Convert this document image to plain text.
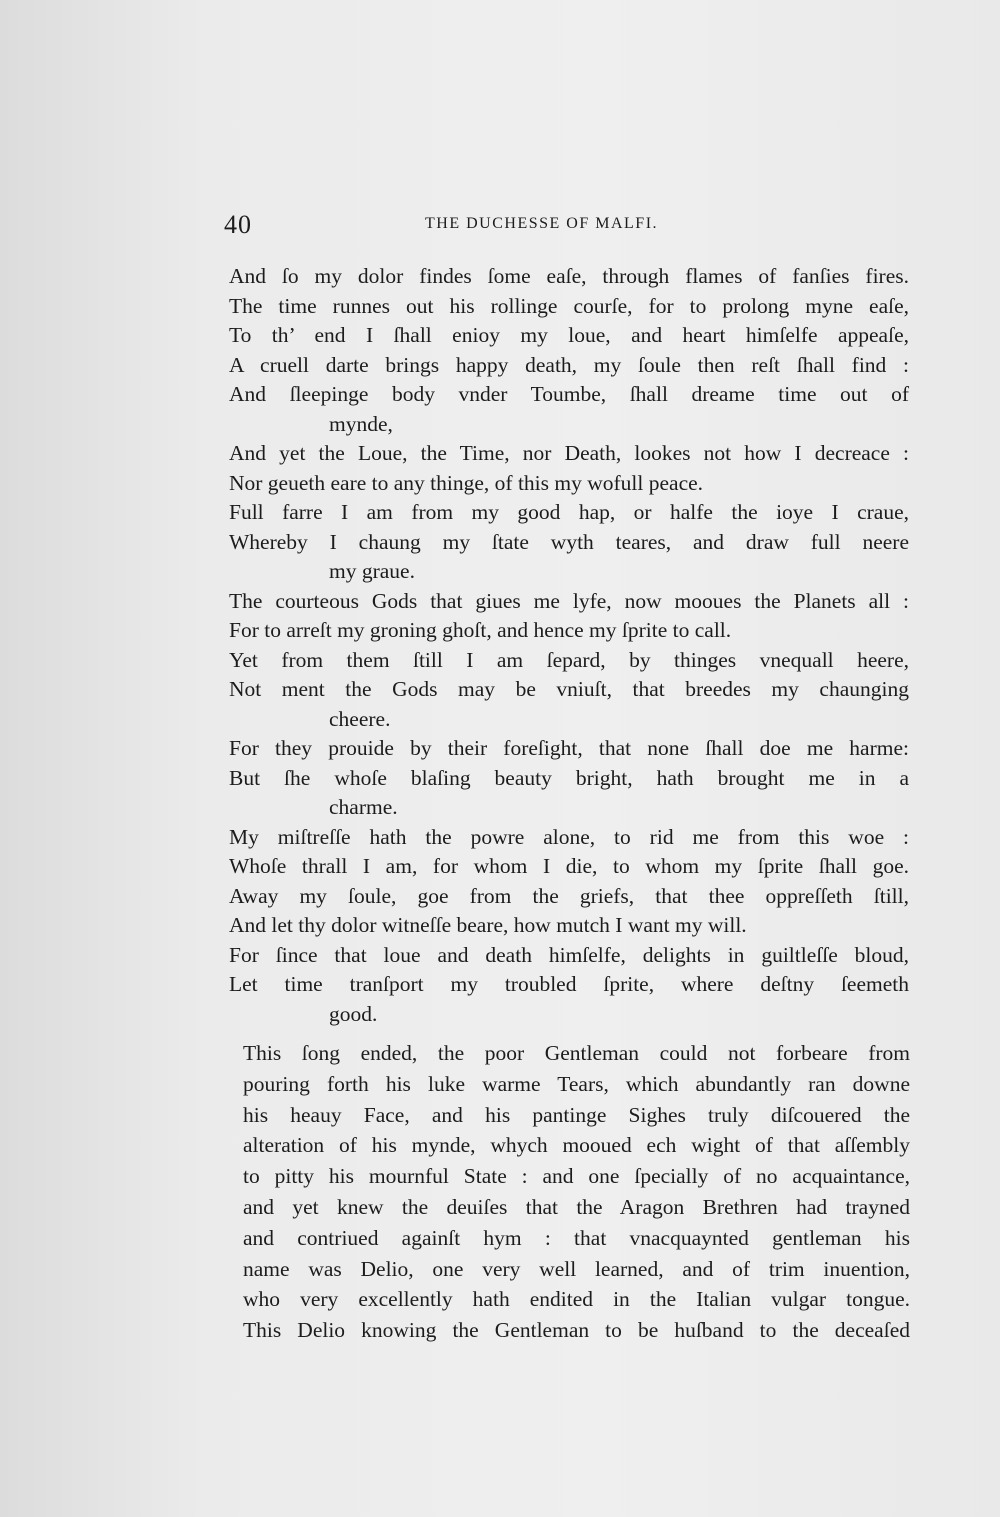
40	THE DUCHESSE OF MALFI.
And ſo my dolor findes ſome eaſe, through flames of fanſies fires.
The time runnes out his rollinge courſe, for to prolong myne eaſe,
To th’ end I ſhall enioy my loue, and heart himſelfe appeaſe,
A cruell darte brings happy death, my ſoule then reſt ſhall find :
And ſleepinge body vnder Toumbe, ſhall dreame time out of
mynde,
And yet the Loue, the Time, nor Death, lookes not how I decreace :
Nor geueth eare to any thinge, of this my wofull peace.
Full farre I am from my good hap, or halfe the ioye I craue,
Whereby I chaung my ſtate wyth teares, and draw full neere
my graue.
The courteous Gods that giues me lyfe, now mooues the Planets all :
For to arreſt my groning ghoſt, and hence my ſprite to call.
Yet from them ſtill I am ſepard, by thinges vnequall heere,
Not ment the Gods may be vniuſt, that breedes my chaunging
cheere.
For they prouide by their foreſight, that none ſhall doe me harme:
But ſhe whoſe blaſing beauty bright, hath brought me in a
charme.
My miſtreſſe hath the powre alone, to rid me from this woe :
Whoſe thrall I am, for whom I die, to whom my ſprite ſhall goe.
Away my ſoule, goe from the griefs, that thee oppreſſeth ſtill,
And let thy dolor witneſſe beare, how mutch I want my will.
For ſince that loue and death himſelfe, delights in guiltleſſe bloud,
Let time tranſport my troubled ſprite, where deſtny ſeemeth
good.
This ſong ended, the poor Gentleman could not forbeare from
pouring forth his luke warme Tears, which abundantly ran downe
his heauy Face, and his pantinge Sighes truly diſcouered the
alteration of his mynde, whych mooued ech wight of that aſſembly
to pitty his mournful State : and one ſpecially of no acquaintance,
and yet knew the deuiſes that the Aragon Brethren had trayned
and contriued againſt hym : that vnacquaynted gentleman his
name was Delio, one very well learned, and of trim inuention,
who very excellently hath endited in the Italian vulgar tongue.
This Delio knowing the Gentleman to be huſband to the deceaſed
